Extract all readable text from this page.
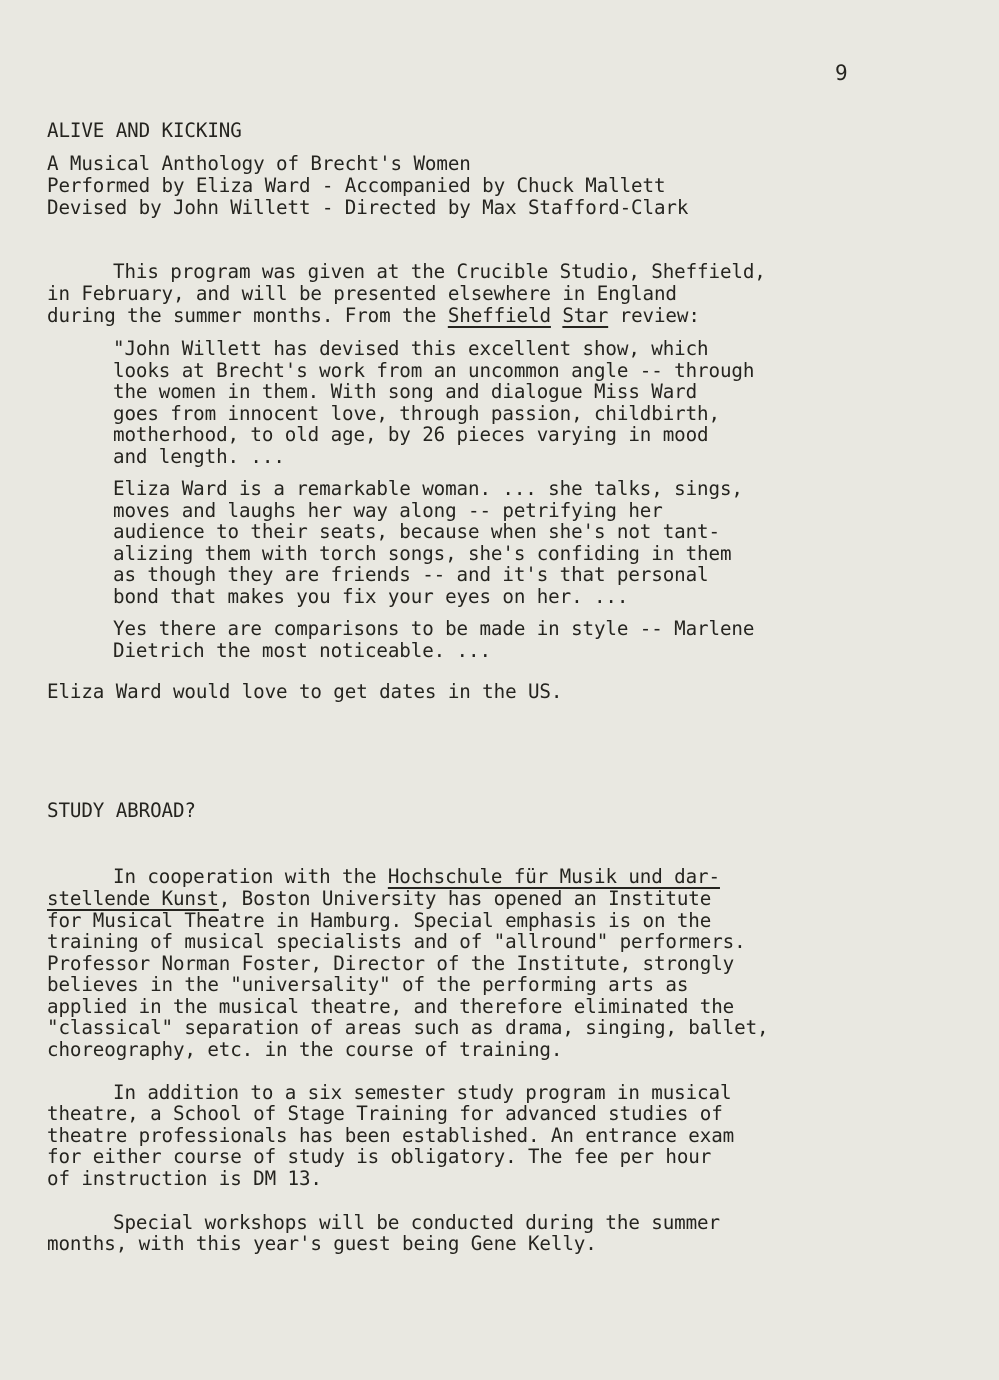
9
ALIVE AND KICKING
A Musical Anthology of Brecht's Women
Performed by Eliza Ward - Accompanied by Chuck Mallett
Devised by John Willett - Directed by Max Stafford-Clark
This program was given at the Crucible Studio, Sheffield,
in February, and will be presented elsewhere in England
during the summer months. From the Sheffield Star review:
"John Willett has devised this excellent show, which
looks at Brecht's work from an uncommon angle -- through
the women in them. With song and dialogue Miss Ward
goes from innocent love, through passion, childbirth,
motherhood, to old age, by 26 pieces varying in mood
and length. ...
Eliza Ward is a remarkable woman. ... she talks, sings,
moves and laughs her way along -- petrifying her
audience to their seats, because when she's not tant-
alizing them with torch songs, she's confiding in them
as though they are friends -- and it's that personal
bond that makes you fix your eyes on her. ...
Yes there are comparisons to be made in style -- Marlene
Dietrich the most noticeable. ...
Eliza Ward would love to get dates in the US.
STUDY ABROAD?
In cooperation with the Hochschule für Musik und dar-
stellende Kunst, Boston University has opened an Institute
for Musical Theatre in Hamburg. Special emphasis is on the
training of musical specialists and of "allround" performers.
Professor Norman Foster, Director of the Institute, strongly
believes in the "universality" of the performing arts as
applied in the musical theatre, and therefore eliminated the
"classical" separation of areas such as drama, singing, ballet,
choreography, etc. in the course of training.
In addition to a six semester study program in musical
theatre, a School of Stage Training for advanced studies of
theatre professionals has been established. An entrance exam
for either course of study is obligatory. The fee per hour
of instruction is DM 13.
Special workshops will be conducted during the summer
months, with this year's guest being Gene Kelly.
